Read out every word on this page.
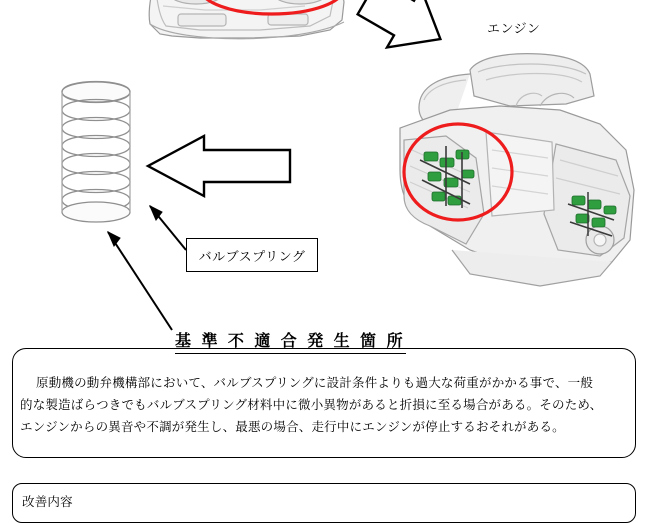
エンジン
バルブスプリング
基 準 不 適 合 発 生 箇 所

原動機の動弁機構部において、バルブスプリングに設計条件よりも過大な荷重がかかる事で、一般

的な製造ばらつきでもバルブスプリング材料中に微小異物があると折損に至る場合がある。そのため、

エンジンからの異音や不調が発生し、最悪の場合、走行中にエンジンが停止するおそれがある。

改善内容
